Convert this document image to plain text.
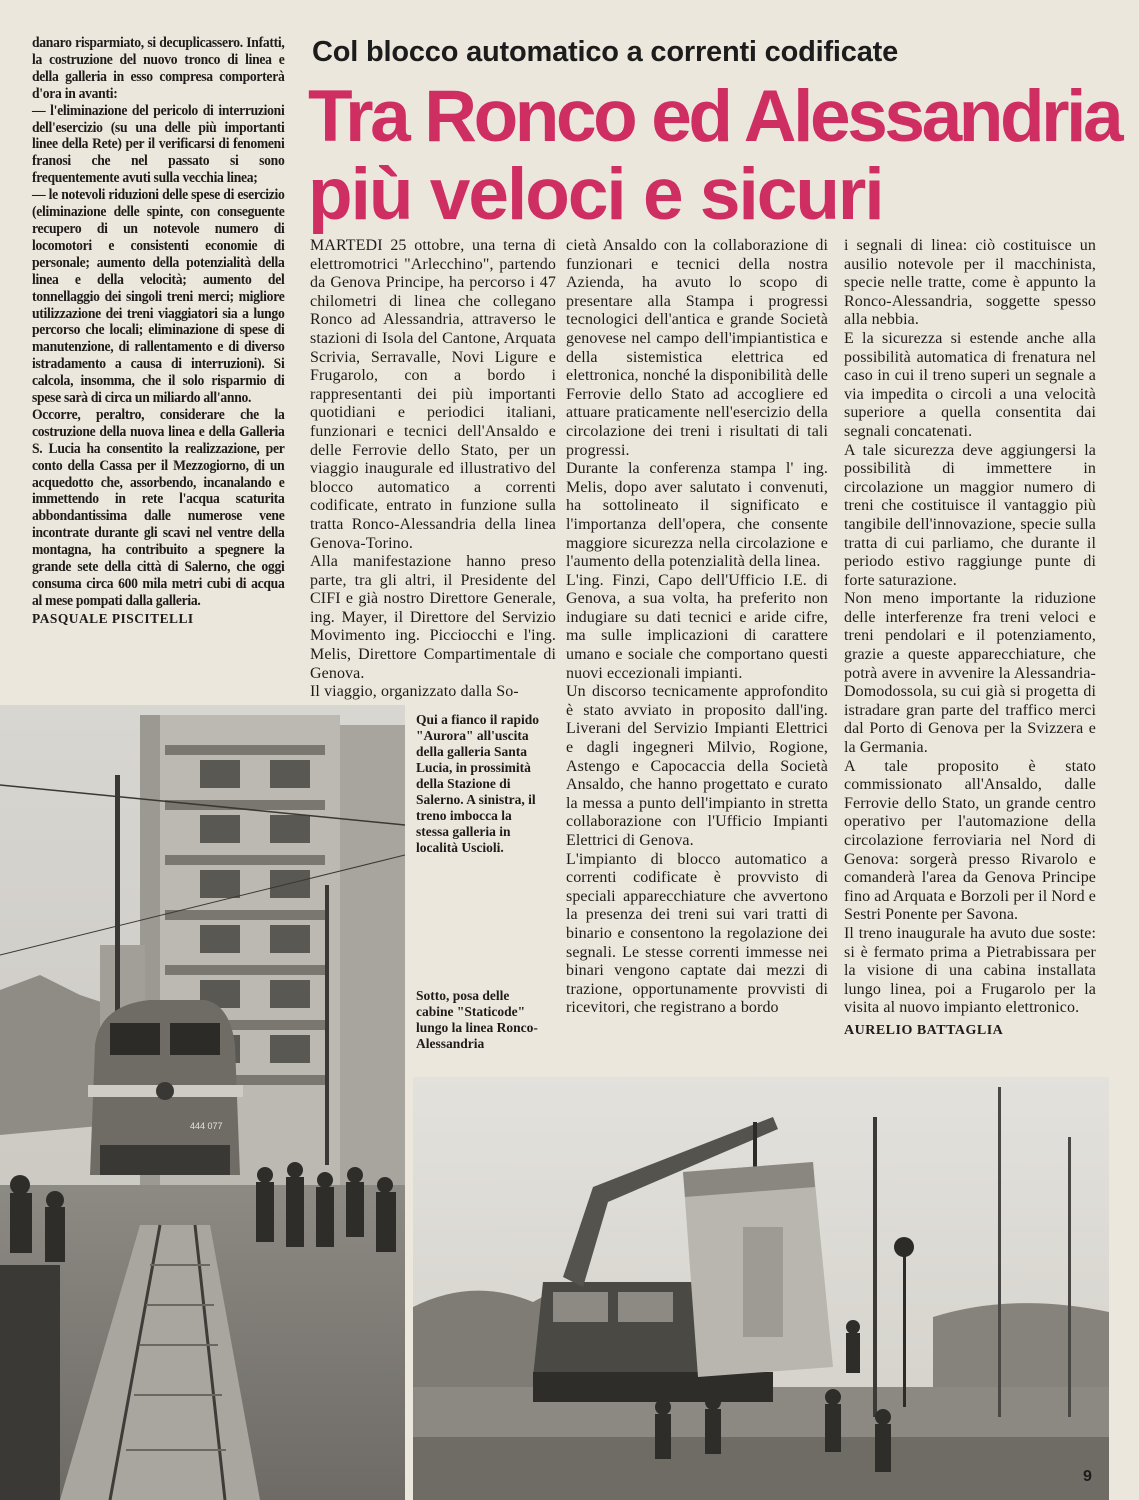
danaro risparmiato, si decuplicassero. Infatti, la costruzione del nuovo tronco di linea e della galleria in esso compresa comporterà d'ora in avanti:

— l'eliminazione del pericolo di interruzioni dell'esercizio (su una delle più importanti linee della Rete) per il verificarsi di fenomeni franosi che nel passato si sono frequentemente avuti sulla vecchia linea;

— le notevoli riduzioni delle spese di esercizio (eliminazione delle spinte, con conseguente recupero di un notevole numero di locomotori e consistenti economie di personale; aumento della potenzialità della linea e della velocità; aumento del tonnellaggio dei singoli treni merci; migliore utilizzazione dei treni viaggiatori sia a lungo percorso che locali; eliminazione di spese di manutenzione, di rallentamento e di diverso istradamento a causa di interruzioni). Si calcola, insomma, che il solo risparmio di spese sarà di circa un miliardo all'anno.

Occorre, peraltro, considerare che la costruzione della nuova linea e della Galleria S. Lucia ha consentito la realizzazione, per conto della Cassa per il Mezzogiorno, di un acquedotto che, assorbendo, incanalando e immettendo in rete l'acqua scaturita abbondantissima dalle numerose vene incontrate durante gli scavi nel ventre della montagna, ha contribuito a spegnere la grande sete della città di Salerno, che oggi consuma circa 600 mila metri cubi di acqua al mese pompati dalla galleria.

PASQUALE PISCITELLI

Col blocco automatico a correnti codificate
Tra Ronco ed Alessandria
più veloci e sicuri

MARTEDI 25 ottobre, una terna di elettromotrici "Arlecchino", partendo da Genova Principe, ha percorso i 47 chilometri di linea che collegano Ronco ad Alessandria, attraverso le stazioni di Isola del Cantone, Arquata Scrivia, Serravalle, Novi Ligure e Frugarolo, con a bordo i rappresentanti dei più importanti quotidiani e periodici italiani, funzionari e tecnici dell'Ansaldo e delle Ferrovie dello Stato, per un viaggio inaugurale ed illustrativo del blocco automatico a correnti codificate, entrato in funzione sulla tratta Ronco-Alessandria della linea Genova-Torino.

Alla manifestazione hanno preso parte, tra gli altri, il Presidente del CIFI e già nostro Direttore Generale, ing. Mayer, il Direttore del Servizio Movimento ing. Picciocchi e l'ing. Melis, Direttore Compartimentale di Genova.

Il viaggio, organizzato dalla So-

cietà Ansaldo con la collaborazione di funzionari e tecnici della nostra Azienda, ha avuto lo scopo di presentare alla Stampa i progressi tecnologici dell'antica e grande Società genovese nel campo dell'impiantistica e della sistemistica elettrica ed elettronica, nonché la disponibilità delle Ferrovie dello Stato ad accogliere ed attuare praticamente nell'esercizio della circolazione dei treni i risultati di tali progressi.

Durante la conferenza stampa l' ing. Melis, dopo aver salutato i convenuti, ha sottolineato il significato e l'importanza dell'opera, che consente maggiore sicurezza nella circolazione e l'aumento della potenzialità della linea.

L'ing. Finzi, Capo dell'Ufficio I.E. di Genova, a sua volta, ha preferito non indugiare su dati tecnici e aride cifre, ma sulle implicazioni di carattere umano e sociale che comportano questi nuovi eccezionali impianti.

Un discorso tecnicamente approfondito è stato avviato in proposito dall'ing. Liverani del Servizio Impianti Elettrici e dagli ingegneri Milvio, Rogione, Astengo e Capocaccia della Società Ansaldo, che hanno progettato e curato la messa a punto dell'impianto in stretta collaborazione con l'Ufficio Impianti Elettrici di Genova.

L'impianto di blocco automatico a correnti codificate è provvisto di speciali apparecchiature che avvertono la presenza dei treni sui vari tratti di binario e consentono la regolazione dei segnali. Le stesse correnti immesse nei binari vengono captate dai mezzi di trazione, opportunamente provvisti di ricevitori, che registrano a bordo

i segnali di linea: ciò costituisce un ausilio notevole per il macchinista, specie nelle tratte, come è appunto la Ronco-Alessandria, soggette spesso alla nebbia.

E la sicurezza si estende anche alla possibilità automatica di frenatura nel caso in cui il treno superi un segnale a via impedita o circoli a una velocità superiore a quella consentita dai segnali concatenati.

A tale sicurezza deve aggiungersi la possibilità di immettere in circolazione un maggior numero di treni che costituisce il vantaggio più tangibile dell'innovazione, specie sulla tratta di cui parliamo, che durante il periodo estivo raggiunge punte di forte saturazione.

Non meno importante la riduzione delle interferenze fra treni veloci e treni pendolari e il potenziamento, grazie a queste apparecchiature, che potrà avere in avvenire la Alessandria-Domodossola, su cui già si progetta di istradare gran parte del traffico merci dal Porto di Genova per la Svizzera e la Germania.

A tale proposito è stato commissionato all'Ansaldo, dalle Ferrovie dello Stato, un grande centro operativo per l'automazione della circolazione ferroviaria nel Nord di Genova: sorgerà presso Rivarolo e comanderà l'area da Genova Principe fino ad Arquata e Borzoli per il Nord e Sestri Ponente per Savona.

Il treno inaugurale ha avuto due soste: si è fermato prima a Pietrabissara per la visione di una cabina installata lungo linea, poi a Frugarolo per la visita al nuovo impianto elettronico.

AURELIO BATTAGLIA

Qui a fianco il rapido "Aurora" all'uscita della galleria Santa Lucia, in prossimità della Stazione di Salerno. A sinistra, il treno imbocca la stessa galleria in località Uscioli.

Sotto, posa delle cabine "Staticode" lungo la linea Ronco-Alessandria

444 077
9
